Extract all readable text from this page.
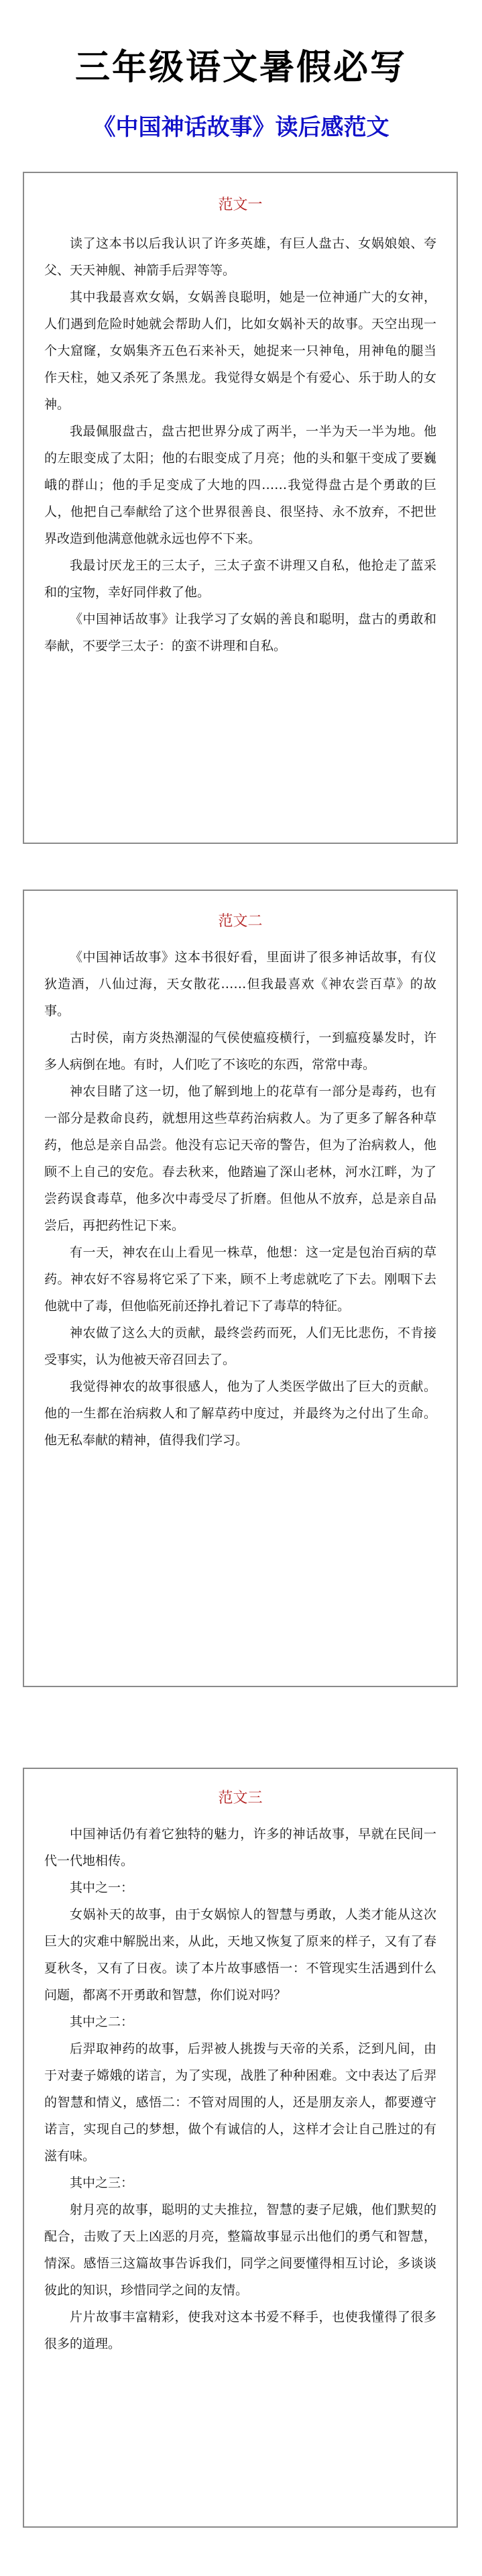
三年级语文暑假必写
《中国神话故事》读后感范文
范文一

读了这本书以后我认识了许多英雄，有巨人盘古、女娲娘娘、夸父、天天神舰、神箭手后羿等等。

其中我最喜欢女娲，女娲善良聪明，她是一位神通广大的女神，人们遇到危险时她就会帮助人们，比如女娲补天的故事。天空出现一个大窟窿，女娲集齐五色石来补天，她捉来一只神龟，用神龟的腿当作天柱，她又杀死了条黑龙。我觉得女娲是个有爱心、乐于助人的女神。

我最佩服盘古，盘古把世界分成了两半，一半为天一半为地。他的左眼变成了太阳；他的右眼变成了月亮；他的头和躯干变成了要巍峨的群山；他的手足变成了大地的四……我觉得盘古是个勇敢的巨人，他把自己奉献给了这个世界很善良、很坚持、永不放弃，不把世界改造到他满意他就永远也停不下来。

我最讨厌龙王的三太子，三太子蛮不讲理又自私，他抢走了蓝采和的宝物，幸好同伴救了他。

《中国神话故事》让我学习了女娲的善良和聪明，盘古的勇敢和奉献，不要学三太子：的蛮不讲理和自私。

范文二

《中国神话故事》这本书很好看，里面讲了很多神话故事，有仪狄造酒，八仙过海，天女散花……但我最喜欢《神农尝百草》的故事。

古时侯，南方炎热潮湿的气侯使瘟疫横行，一到瘟疫暴发时，许多人病倒在地。有时，人们吃了不该吃的东西，常常中毒。

神农目睹了这一切，他了解到地上的花草有一部分是毒药，也有一部分是救命良药，就想用这些草药治病救人。为了更多了解各种草药，他总是亲自品尝。他没有忘记天帝的警告，但为了治病救人，他顾不上自己的安危。春去秋来，他踏遍了深山老林，河水江畔，为了尝药误食毒草，他多次中毒受尽了折磨。但他从不放弃，总是亲自品尝后，再把药性记下来。

有一天，神农在山上看见一株草，他想：这一定是包治百病的草药。神农好不容易将它采了下来，顾不上考虑就吃了下去。刚咽下去他就中了毒，但他临死前还挣扎着记下了毒草的特征。

神农做了这么大的贡献，最终尝药而死，人们无比悲伤，不肯接受事实，认为他被天帝召回去了。

我觉得神农的故事很感人，他为了人类医学做出了巨大的贡献。他的一生都在治病救人和了解草药中度过，并最终为之付出了生命。他无私奉献的精神，值得我们学习。

范文三

中国神话仍有着它独特的魅力，许多的神话故事，早就在民间一代一代地相传。

其中之一：

女娲补天的故事，由于女娲惊人的智慧与勇敢，人类才能从这次巨大的灾难中解脱出来，从此，天地又恢复了原来的样子，又有了春夏秋冬，又有了日夜。读了本片故事感悟一：不管现实生活遇到什么问题，都离不开勇敢和智慧，你们说对吗？

其中之二：

后羿取神药的故事，后羿被人挑拨与天帝的关系，泛到凡间，由于对妻子嫦娥的诺言，为了实现，战胜了种种困难。文中表达了后羿的智慧和情义，感悟二：不管对周围的人，还是朋友亲人，都要遵守诺言，实现自己的梦想，做个有诚信的人，这样才会让自己胜过的有滋有味。

其中之三：

射月亮的故事，聪明的丈夫推拉，智慧的妻子尼娥，他们默契的配合，击败了天上凶恶的月亮，整篇故事显示出他们的勇气和智慧，情深。感悟三这篇故事告诉我们，同学之间要懂得相互讨论，多谈谈彼此的知识，珍惜同学之间的友情。

片片故事丰富精彩，使我对这本书爱不释手，也使我懂得了很多很多的道理。
